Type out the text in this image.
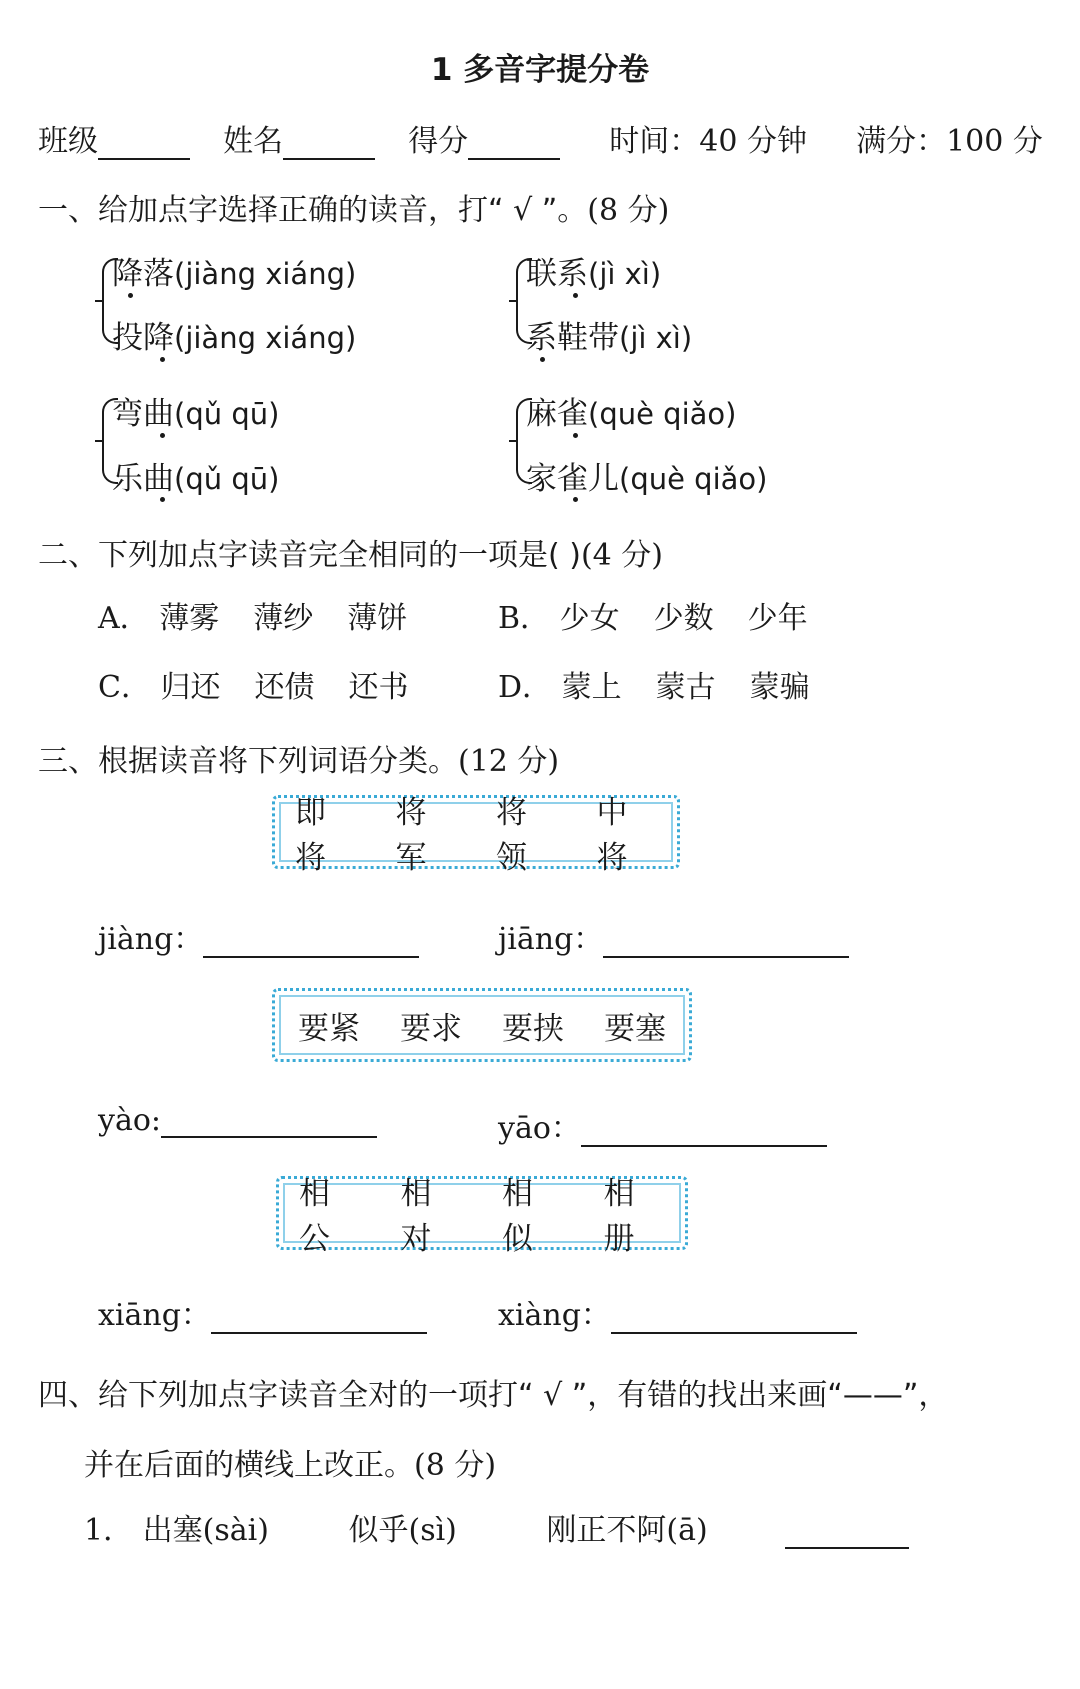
1 多音字提分卷
班级	姓名	得分	时间：40 分钟 满分：100 分
一、给加点字选择正确的读音，打“ √ ”。(8 分)
降落(jiàng xiáng)
投降(jiàng xiáng)
联系(jì xì)
系鞋带(jì xì)
弯曲(qǔ qū)
乐曲(qǔ qū)
麻雀(què qiǎo)
家雀儿(què qiǎo)
二、下列加点字读音完全相同的一项是( )(4 分)
A． 薄雾 薄纱 薄饼	B． 少女 少数 少年
C． 归还 还债 还书	D． 蒙上 蒙古 蒙骗
三、根据读音将下列词语分类。(12 分)
即将
将军
将领
中将
jiàng：	jiāng：
要紧 要求 要挟 要塞
yào:	yāo：
相公
相对
相似
相册
xiāng：	xiàng：
四、给下列加点字读音全对的一项打“ √ ”，有错的找出来画“——”，
并在后面的横线上改正。(8 分)
1． 出塞(sài)	似乎(sì)	刚正不阿(ā)
